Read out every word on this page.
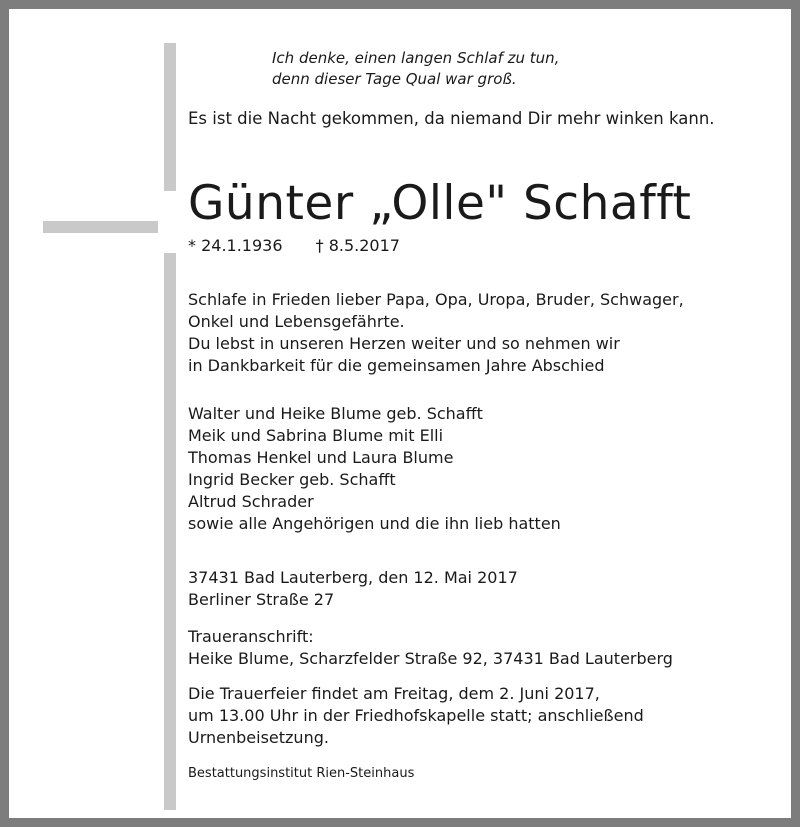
Ich denke, einen langen Schlaf zu tun,
denn dieser Tage Qual war groß.
Es ist die Nacht gekommen, da niemand Dir mehr winken kann.
Günter „Olle" Schafft
* 24.1.1936 † 8.5.2017
Schlafe in Frieden lieber Papa, Opa, Uropa, Bruder, Schwager,
Onkel und Lebensgefährte.
Du lebst in unseren Herzen weiter und so nehmen wir
in Dankbarkeit für die gemeinsamen Jahre Abschied
Walter und Heike Blume geb. Schafft
Meik und Sabrina Blume mit Elli
Thomas Henkel und Laura Blume
Ingrid Becker geb. Schafft
Altrud Schrader
sowie alle Angehörigen und die ihn lieb hatten
37431 Bad Lauterberg, den 12. Mai 2017
Berliner Straße 27
Traueranschrift:
Heike Blume, Scharzfelder Straße 92, 37431 Bad Lauterberg
Die Trauerfeier findet am Freitag, dem 2. Juni 2017,
um 13.00 Uhr in der Friedhofskapelle statt; anschließend
Urnenbeisetzung.
Bestattungsinstitut Rien-Steinhaus
